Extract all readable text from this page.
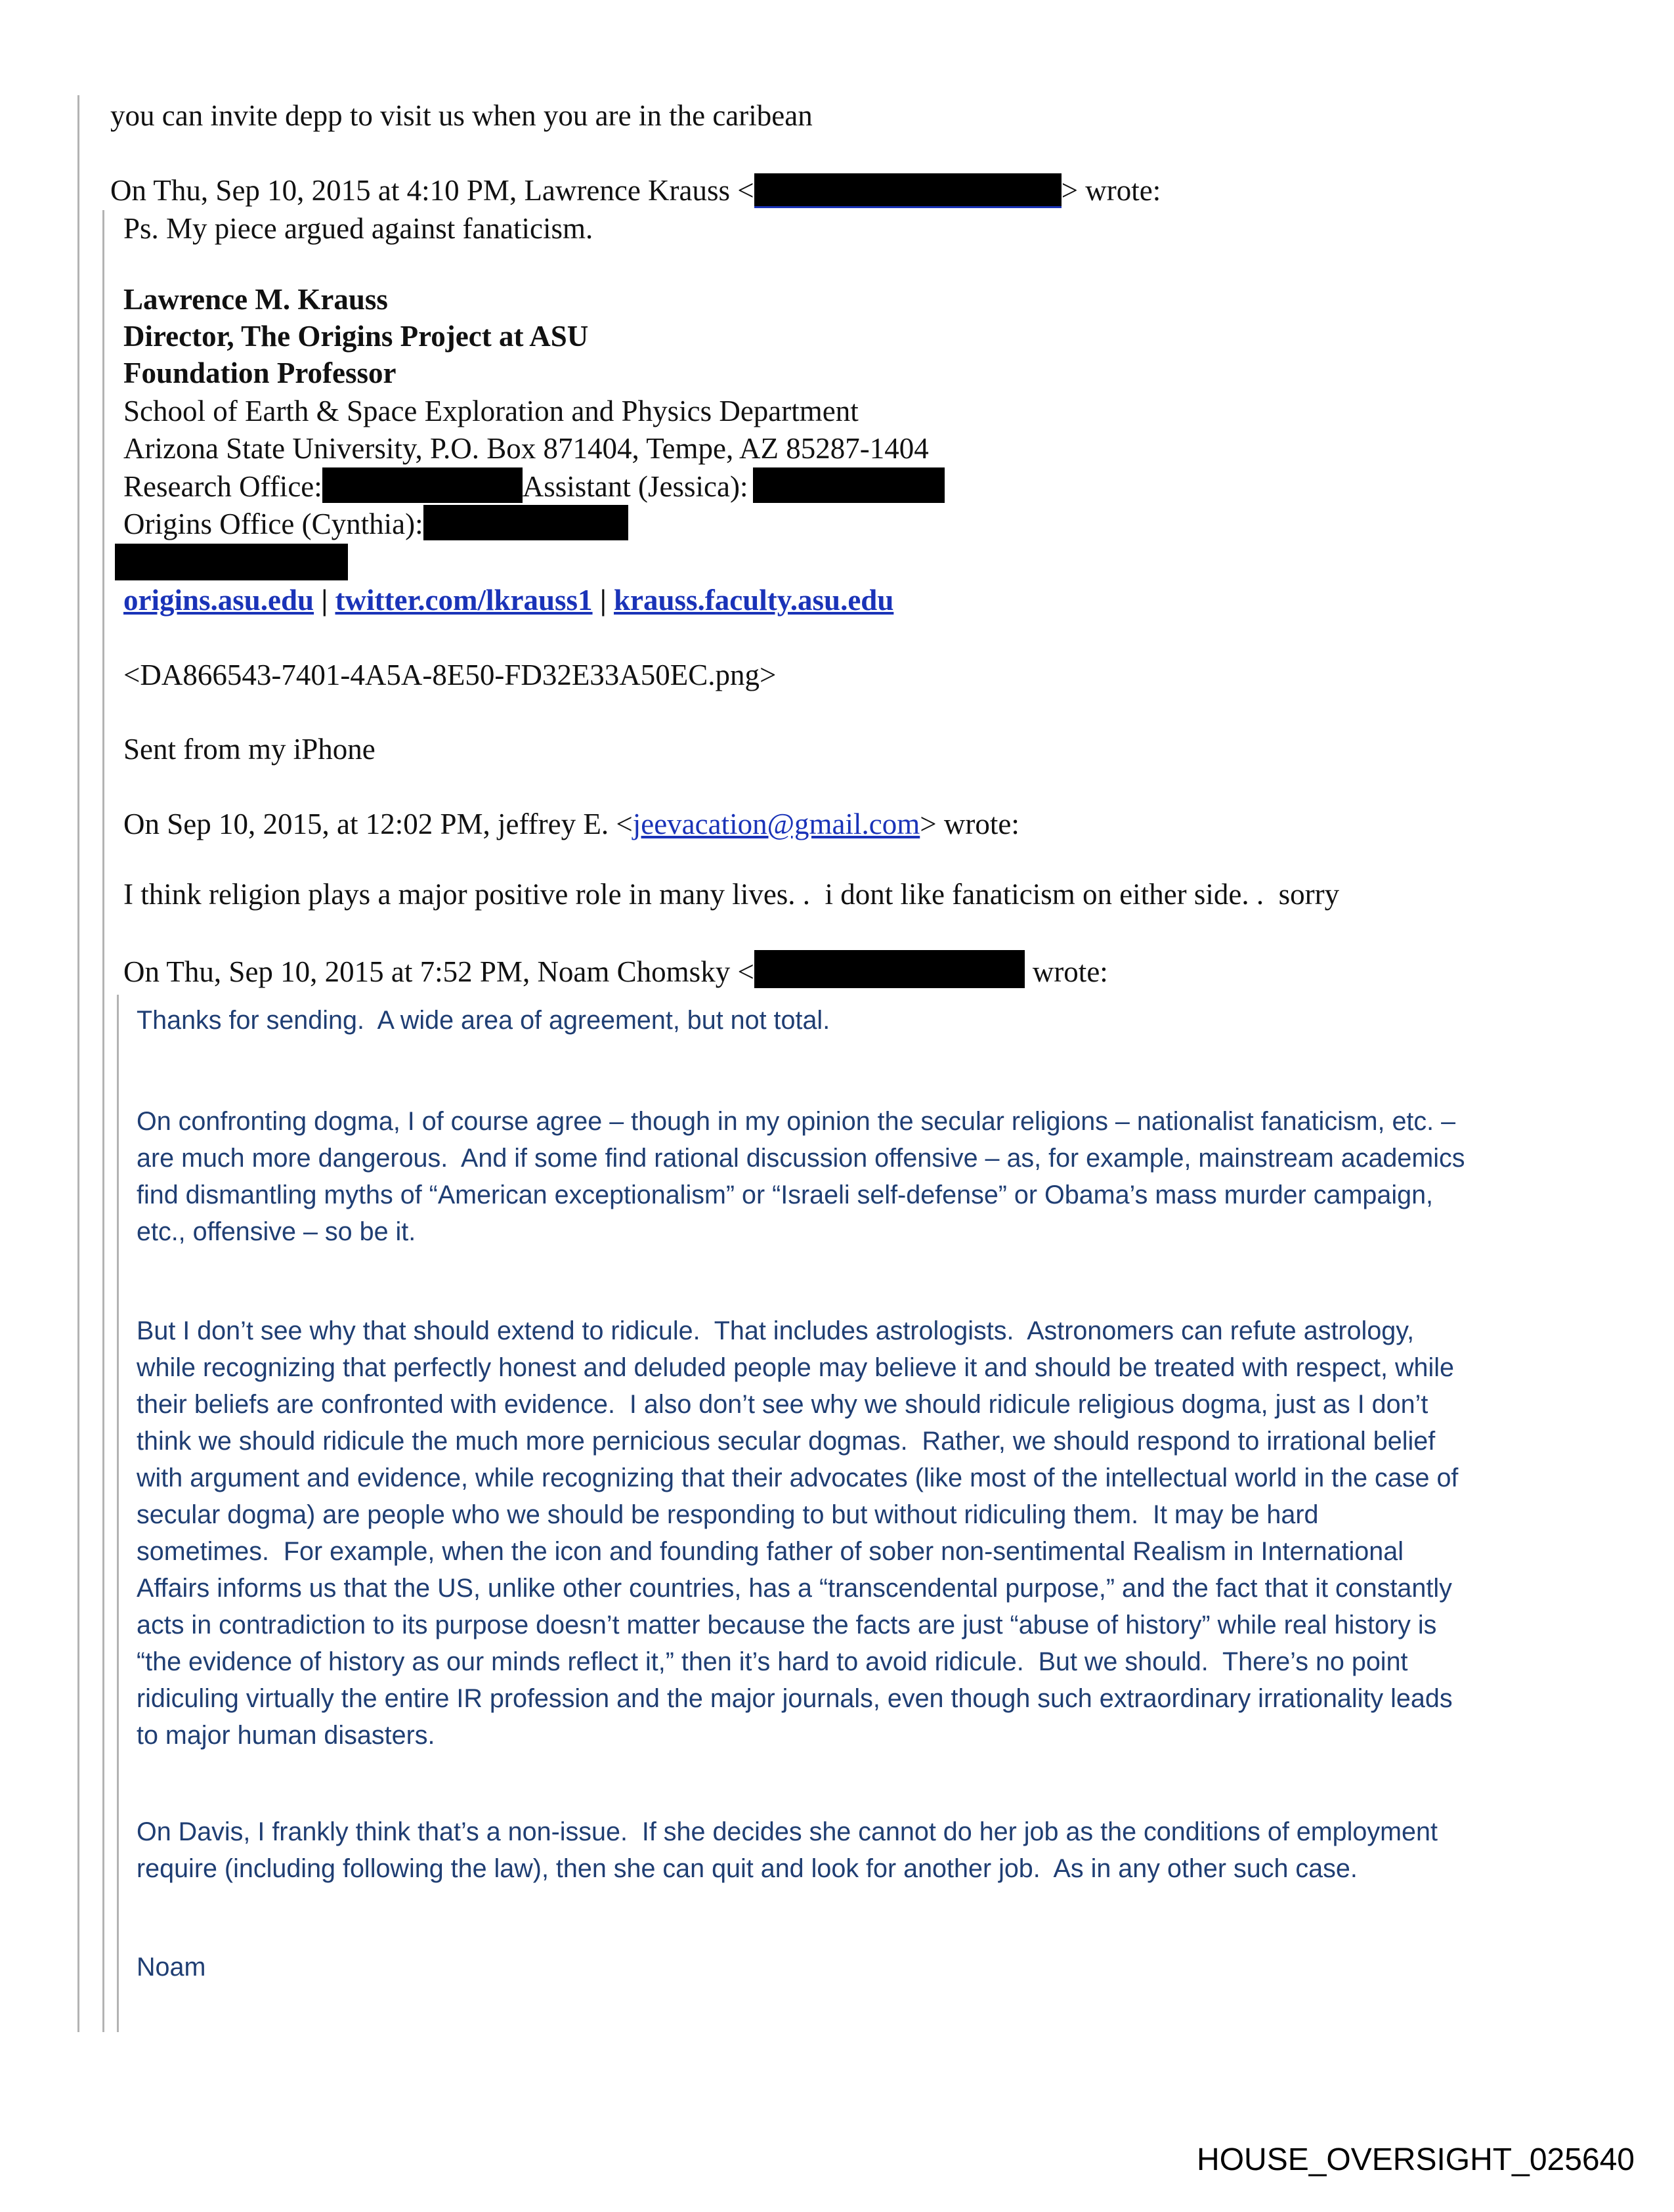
you can invite depp to visit us when you are in the caribean
On Thu, Sep 10, 2015 at 4:10 PM, Lawrence Krauss <	> wrote:
Ps. My piece argued against fanaticism.
Lawrence M. Krauss
Director, The Origins Project at ASU
Foundation Professor
School of Earth & Space Exploration and Physics Department
Arizona State University, P.O. Box 871404, Tempe, AZ 85287-1404
Research Office:	Assistant (Jessica):
Origins Office (Cynthia):
origins.asu.edu | twitter.com/lkrauss1 | krauss.faculty.asu.edu
<DA866543-7401-4A5A-8E50-FD32E33A50EC.png>
Sent from my iPhone
On Sep 10, 2015, at 12:02 PM, jeffrey E. <jeevacation@gmail.com> wrote:
I think religion plays a major positive role in many lives. .  i dont like fanaticism on either side. .  sorry
On Thu, Sep 10, 2015 at 7:52 PM, Noam Chomsky <	wrote:
Thanks for sending.  A wide area of agreement, but not total.
On confronting dogma, I of course agree – though in my opinion the secular religions – nationalist fanaticism, etc. –
are much more dangerous.  And if some find rational discussion offensive – as, for example, mainstream academics
find dismantling myths of “American exceptionalism” or “Israeli self-defense” or Obama’s mass murder campaign,
etc., offensive – so be it.
But I don’t see why that should extend to ridicule.  That includes astrologists.  Astronomers can refute astrology,
while recognizing that perfectly honest and deluded people may believe it and should be treated with respect, while
their beliefs are confronted with evidence.  I also don’t see why we should ridicule religious dogma, just as I don’t
think we should ridicule the much more pernicious secular dogmas.  Rather, we should respond to irrational belief
with argument and evidence, while recognizing that their advocates (like most of the intellectual world in the case of
secular dogma) are people who we should be responding to but without ridiculing them.  It may be hard
sometimes.  For example, when the icon and founding father of sober non-sentimental Realism in International
Affairs informs us that the US, unlike other countries, has a “transcendental purpose,” and the fact that it constantly
acts in contradiction to its purpose doesn’t matter because the facts are just “abuse of history” while real history is
“the evidence of history as our minds reflect it,” then it’s hard to avoid ridicule.  But we should.  There’s no point
ridiculing virtually the entire IR profession and the major journals, even though such extraordinary irrationality leads
to major human disasters.
On Davis, I frankly think that’s a non-issue.  If she decides she cannot do her job as the conditions of employment
require (including following the law), then she can quit and look for another job.  As in any other such case.
Noam
HOUSE_OVERSIGHT_025640
